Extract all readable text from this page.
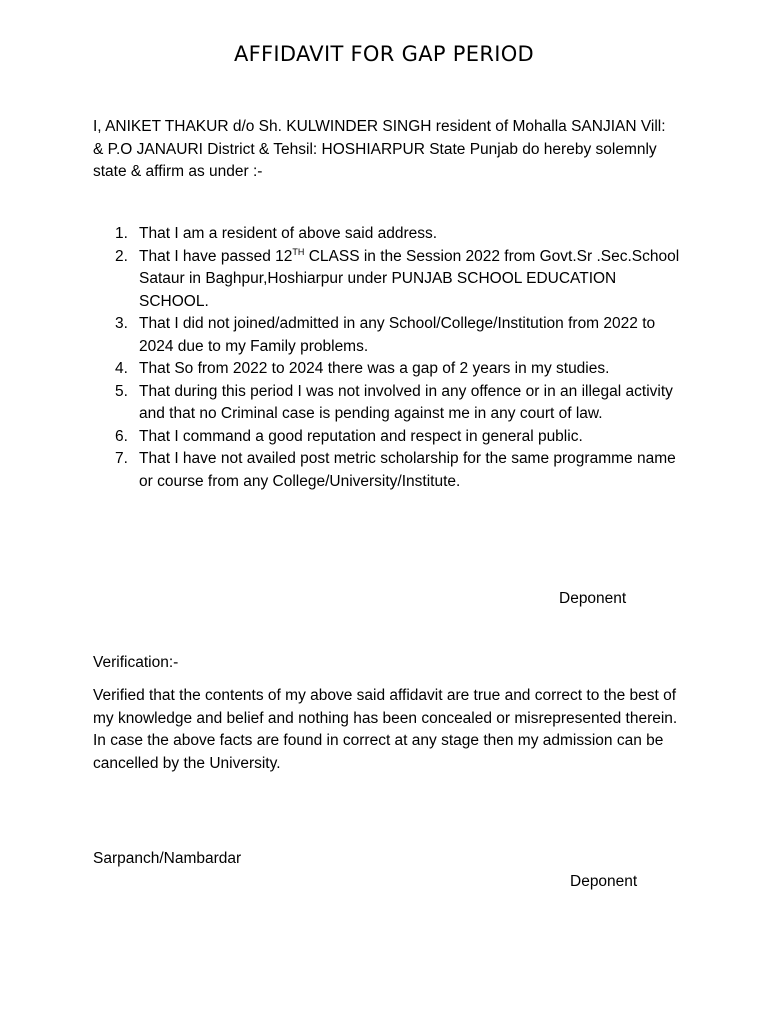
AFFIDAVIT FOR GAP PERIOD
I, ANIKET THAKUR d/o Sh. KULWINDER SINGH resident of Mohalla SANJIAN Vill: & P.O JANAURI District & Tehsil: HOSHIARPUR State Punjab do hereby solemnly state & affirm as under :-
1. That I am a resident of above said address.
2. That I have passed 12TH CLASS in the Session 2022 from Govt.Sr .Sec.School Sataur in Baghpur,Hoshiarpur under PUNJAB SCHOOL EDUCATION SCHOOL.
3. That I did not joined/admitted in any School/College/Institution from 2022 to 2024 due to my Family problems.
4. That So from 2022 to 2024 there was a gap of 2 years in my studies.
5. That during this period I was not involved in any offence or in an illegal activity and that no Criminal case is pending against me in any court of law.
6. That I command a good reputation and respect in general public.
7. That I have not availed post metric scholarship for the same programme name or course from any College/University/Institute.
Deponent
Verification:-
Verified that the contents of my above said affidavit are true and correct to the best of my knowledge and belief and nothing has been concealed or misrepresented therein. In case the above facts are found in correct at any stage then my admission can be cancelled by the University.
Sarpanch/Nambardar
Deponent
